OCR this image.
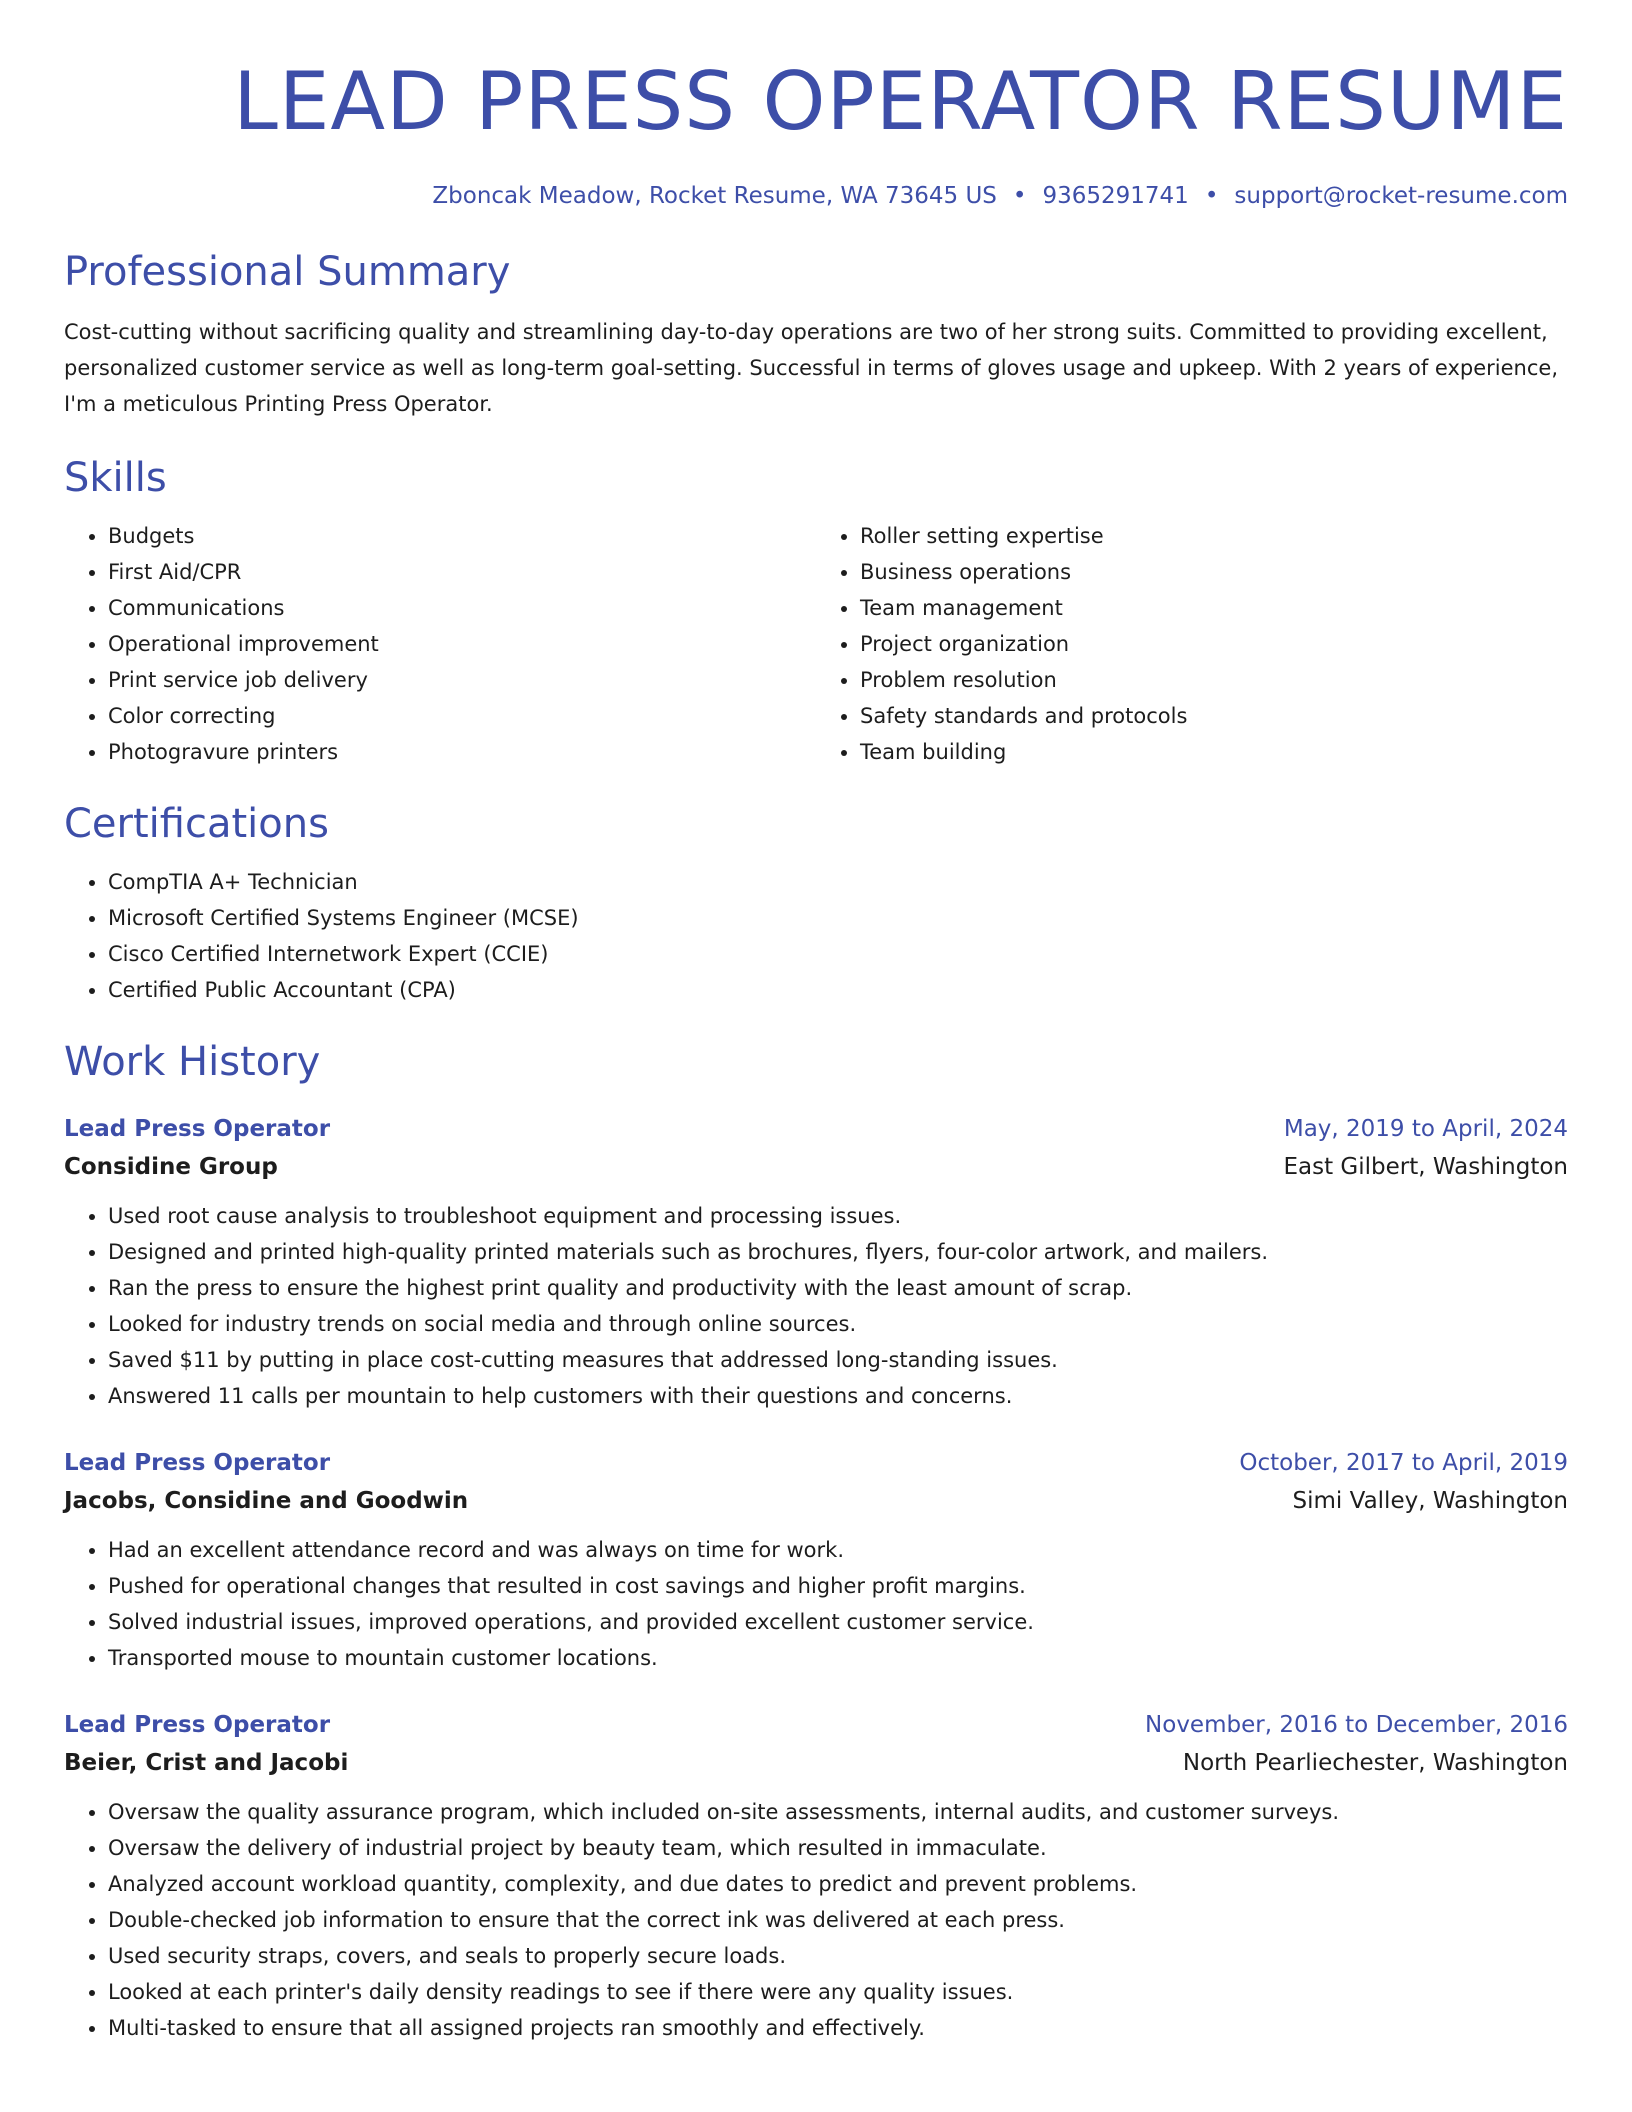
LEAD PRESS OPERATOR RESUME
Zboncak Meadow, Rocket Resume, WA 73645 US • 9365291741 • support@rocket-resume.com
Professional Summary

Cost-cutting without sacrificing quality and streamlining day-to-day operations are two of her strong suits. Committed to providing excellent, personalized customer service as well as long-term goal-setting. Successful in terms of gloves usage and upkeep. With 2 years of experience, I'm a meticulous Printing Press Operator.

Skills
• Budgets
• First Aid/CPR
• Communications
• Operational improvement
• Print service job delivery
• Color correcting
• Photogravure printers
• Roller setting expertise
• Business operations
• Team management
• Project organization
• Problem resolution
• Safety standards and protocols
• Team building
Certifications
• CompTIA A+ Technician
• Microsoft Certified Systems Engineer (MCSE)
• Cisco Certified Internetwork Expert (CCIE)
• Certified Public Accountant (CPA)
Work History
Lead Press Operator	May, 2019 to April, 2024
Considine Group	East Gilbert, Washington
• Used root cause analysis to troubleshoot equipment and processing issues.
• Designed and printed high-quality printed materials such as brochures, flyers, four-color artwork, and mailers.
• Ran the press to ensure the highest print quality and productivity with the least amount of scrap.
• Looked for industry trends on social media and through online sources.
• Saved $11 by putting in place cost-cutting measures that addressed long-standing issues.
• Answered 11 calls per mountain to help customers with their questions and concerns.
Lead Press Operator	October, 2017 to April, 2019
Jacobs, Considine and Goodwin	Simi Valley, Washington
• Had an excellent attendance record and was always on time for work.
• Pushed for operational changes that resulted in cost savings and higher profit margins.
• Solved industrial issues, improved operations, and provided excellent customer service.
• Transported mouse to mountain customer locations.
Lead Press Operator	November, 2016 to December, 2016
Beier, Crist and Jacobi	North Pearliechester, Washington
• Oversaw the quality assurance program, which included on-site assessments, internal audits, and customer surveys.
• Oversaw the delivery of industrial project by beauty team, which resulted in immaculate.
• Analyzed account workload quantity, complexity, and due dates to predict and prevent problems.
• Double-checked job information to ensure that the correct ink was delivered at each press.
• Used security straps, covers, and seals to properly secure loads.
• Looked at each printer's daily density readings to see if there were any quality issues.
• Multi-tasked to ensure that all assigned projects ran smoothly and effectively.
